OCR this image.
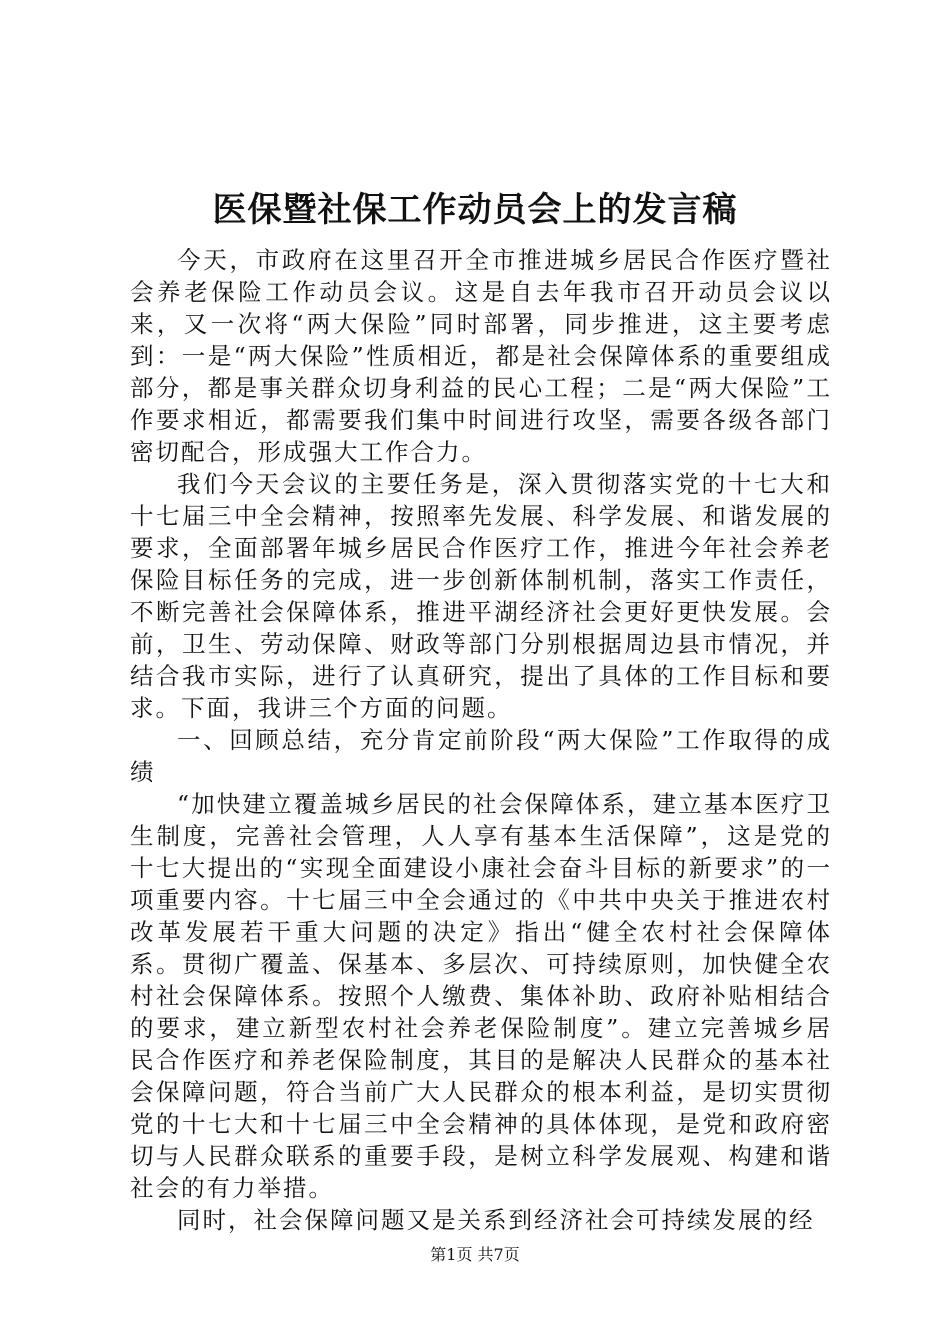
医保暨社保工作动员会上的发言稿

今天，市政府在这里召开全市推进城乡居民合作医疗暨社会养老保险工作动员会议。这是自去年我市召开动员会议以来，又一次将“两大保险”同时部署，同步推进，这主要考虑到：一是“两大保险”性质相近，都是社会保障体系的重要组成部分，都是事关群众切身利益的民心工程；二是“两大保险”工作要求相近，都需要我们集中时间进行攻坚，需要各级各部门密切配合，形成强大工作合力。

我们今天会议的主要任务是，深入贯彻落实党的十七大和十七届三中全会精神，按照率先发展、科学发展、和谐发展的要求，全面部署年城乡居民合作医疗工作，推进今年社会养老保险目标任务的完成，进一步创新体制机制，落实工作责任，不断完善社会保障体系，推进平湖经济社会更好更快发展。会前，卫生、劳动保障、财政等部门分别根据周边县市情况，并结合我市实际，进行了认真研究，提出了具体的工作目标和要求。下面，我讲三个方面的问题。

一、回顾总结，充分肯定前阶段“两大保险”工作取得的成绩

“加快建立覆盖城乡居民的社会保障体系，建立基本医疗卫生制度，完善社会管理，人人享有基本生活保障”，这是党的十七大提出的“实现全面建设小康社会奋斗目标的新要求”的一项重要内容。十七届三中全会通过的《中共中央关于推进农村改革发展若干重大问题的决定》指出“健全农村社会保障体系。贯彻广覆盖、保基本、多层次、可持续原则，加快健全农村社会保障体系。按照个人缴费、集体补助、政府补贴相结合的要求，建立新型农村社会养老保险制度”。建立完善城乡居民合作医疗和养老保险制度，其目的是解决人民群众的基本社会保障问题，符合当前广大人民群众的根本利益，是切实贯彻党的十七大和十七届三中全会精神的具体体现，是党和政府密切与人民群众联系的重要手段，是树立科学发展观、构建和谐社会的有力举措。

同时，社会保障问题又是关系到经济社会可持续发展的经

第1页 共7页
